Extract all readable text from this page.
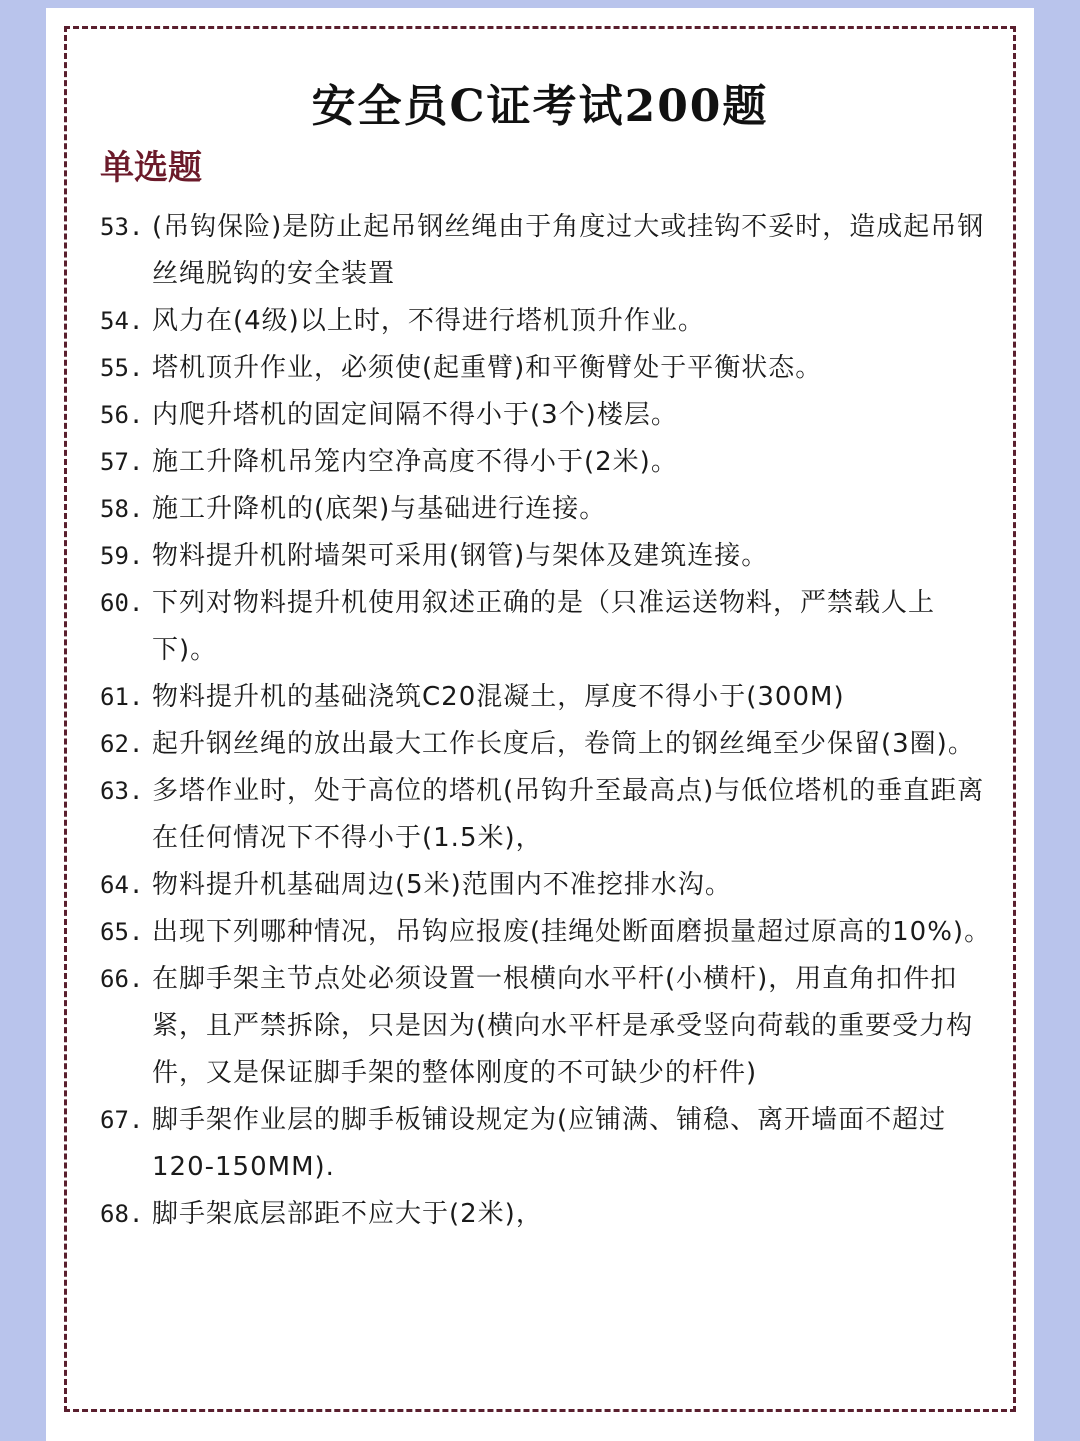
安全员C证考试200题
单选题
53. (吊钩保险)是防止起吊钢丝绳由于角度过大或挂钩不妥时，造成起吊钢丝绳脱钩的安全装置
54. 风力在(4级)以上时，不得进行塔机顶升作业。
55. 塔机顶升作业，必须使(起重臂)和平衡臂处于平衡状态。
56. 内爬升塔机的固定间隔不得小于(3个)楼层。
57. 施工升降机吊笼内空净高度不得小于(2米)。
58. 施工升降机的(底架)与基础进行连接。
59. 物料提升机附墙架可采用(钢管)与架体及建筑连接。
60. 下列对物料提升机使用叙述正确的是（只准运送物料，严禁载人上下)。
61. 物料提升机的基础浇筑C20混凝土，厚度不得小于(300M)
62. 起升钢丝绳的放出最大工作长度后，卷筒上的钢丝绳至少保留(3圈)。
63. 多塔作业时，处于高位的塔机(吊钩升至最高点)与低位塔机的垂直距离在任何情况下不得小于(1.5米)，
64. 物料提升机基础周边(5米)范围内不准挖排水沟。
65. 出现下列哪种情况，吊钩应报废(挂绳处断面磨损量超过原高的10%)。
66. 在脚手架主节点处必须设置一根横向水平杆(小横杆)，用直角扣件扣紧，且严禁拆除，只是因为(横向水平杆是承受竖向荷载的重要受力构件，又是保证脚手架的整体刚度的不可缺少的杆件)
67. 脚手架作业层的脚手板铺设规定为(应铺满、铺稳、离开墙面不超过120-150MM).
68. 脚手架底层部距不应大于(2米)，
